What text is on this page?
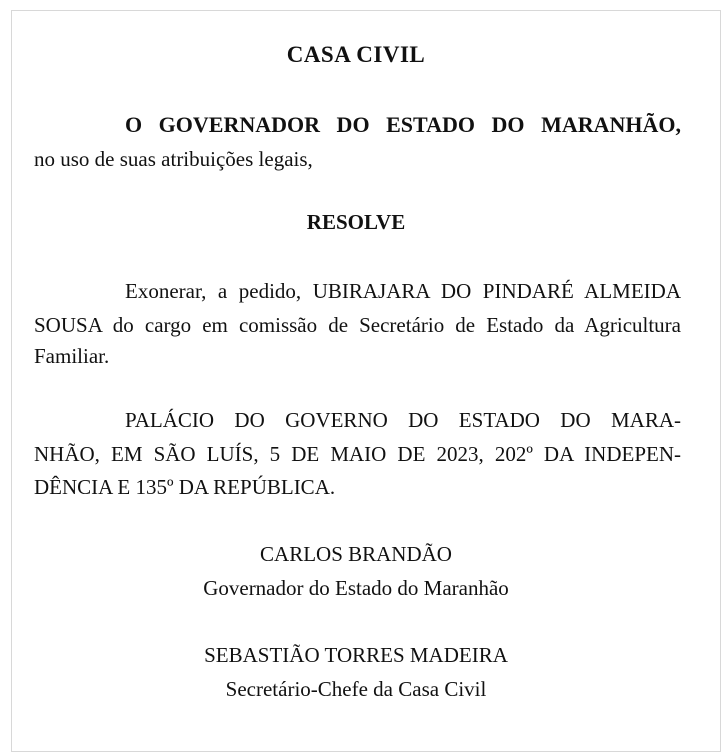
CASA CIVIL
O GOVERNADOR DO ESTADO DO MARANHÃO,
no uso de suas atribuições legais,
RESOLVE
Exonerar, a pedido, UBIRAJARA DO PINDARÉ ALMEIDA
SOUSA do cargo em comissão de Secretário de Estado da Agricultura
Familiar.
PALÁCIO DO GOVERNO DO ESTADO DO MARA-
NHÃO, EM SÃO LUÍS, 5 DE MAIO DE 2023, 202º DA INDEPEN-
DÊNCIA E 135º DA REPÚBLICA.
CARLOS BRANDÃO
Governador do Estado do Maranhão
SEBASTIÃO TORRES MADEIRA
Secretário-Chefe da Casa Civil
